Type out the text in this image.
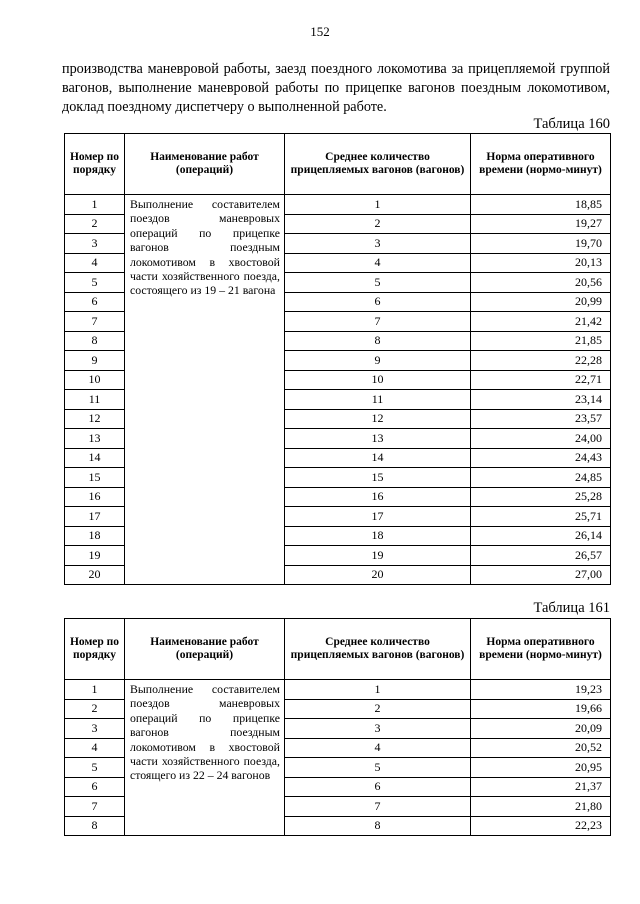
152

производства маневровой работы, заезд поездного локомотива за прицепляемой группой вагонов, выполнение маневровой работы по прицепке вагонов поездным локомотивом, доклад поездному диспетчеру о выполненной работе.

Таблица 160
Номер по порядку	Наименование работ (операций)	Среднее количество прицепляемых вагонов (вагонов)	Норма оперативного времени (нормо-минут)
1	Выполнение составителем поездов маневровых операций по прицепке вагонов поездным локомотивом в хвостовой части хозяйственного поезда, состоящего из 19 – 21 вагона	1	18,85
2		2	19,27
3		3	19,70
4		4	20,13
5		5	20,56
6		6	20,99
7		7	21,42
8		8	21,85
9		9	22,28
10		10	22,71
11		11	23,14
12		12	23,57
13		13	24,00
14		14	24,43
15		15	24,85
16		16	25,28
17		17	25,71
18		18	26,14
19		19	26,57
20		20	27,00
Таблица 161
Номер по порядку	Наименование работ (операций)	Среднее количество прицепляемых вагонов (вагонов)	Норма оперативного времени (нормо-минут)
1	Выполнение составителем поездов маневровых операций по прицепке вагонов поездным локомотивом в хвостовой части хозяйственного поезда, стоящего из 22 – 24 вагонов	1	19,23
2		2	19,66
3		3	20,09
4		4	20,52
5		5	20,95
6		6	21,37
7		7	21,80
8		8	22,23
